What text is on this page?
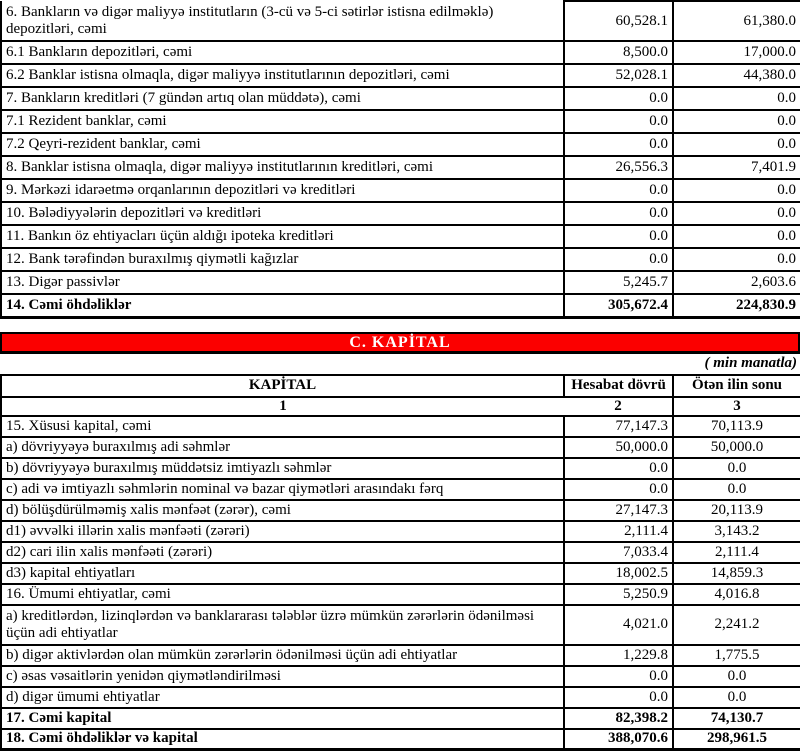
6. Bankların və digər maliyyə institutların (3-cü və 5-ci sətirlər istisna edilməklə) depozitləri, cəmi	60,528.1	61,380.0
6.1 Bankların depozitləri, cəmi	8,500.0	17,000.0
6.2 Banklar istisna olmaqla, digər maliyyə institutlarının depozitləri, cəmi	52,028.1	44,380.0
7. Bankların kreditləri (7 gündən artıq olan müddətə), cəmi	0.0	0.0
7.1 Rezident banklar, cəmi	0.0	0.0
7.2 Qeyri-rezident banklar, cəmi	0.0	0.0
8. Banklar istisna olmaqla, digər maliyyə institutlarının kreditləri, cəmi	26,556.3	7,401.9
9. Mərkəzi idarəetmə orqanlarının depozitləri və kreditləri	0.0	0.0
10. Bələdiyyələrin depozitləri və kreditləri	0.0	0.0
11. Bankın öz ehtiyacları üçün aldığı ipoteka kreditləri	0.0	0.0
12. Bank tərəfindən buraxılmış qiymətli kağızlar	0.0	0.0
13. Digər passivlər	5,245.7	2,603.6
14. Cəmi öhdəliklər	305,672.4	224,830.9
C. KAPİTAL
( min manatla)
KAPİTAL	Hesabat dövrü	Ötən ilin sonu
1	2	3
15. Xüsusi kapital, cəmi	77,147.3	70,113.9
a) dövriyyəyə buraxılmış adi səhmlər	50,000.0	50,000.0
b) dövriyyəyə buraxılmış müddətsiz imtiyazlı səhmlər	0.0	0.0
c) adi və imtiyazlı səhmlərin nominal və bazar qiymətləri arasındakı fərq	0.0	0.0
d) bölüşdürülməmiş xalis mənfəət (zərər), cəmi	27,147.3	20,113.9
d1) əvvəlki illərin xalis mənfəəti (zərəri)	2,111.4	3,143.2
d2) cari ilin xalis mənfəəti (zərəri)	7,033.4	2,111.4
d3) kapital ehtiyatları	18,002.5	14,859.3
16. Ümumi ehtiyatlar, cəmi	5,250.9	4,016.8
a) kreditlərdən, lizinqlərdən və banklararası tələblər üzrə mümkün zərərlərin ödənilməsi üçün adi ehtiyatlar	4,021.0	2,241.2
b) digər aktivlərdən olan mümkün zərərlərin ödənilməsi üçün adi ehtiyatlar	1,229.8	1,775.5
c) əsas vəsaitlərin yenidən qiymətləndirilməsi	0.0	0.0
d) digər ümumi ehtiyatlar	0.0	0.0
17. Cəmi kapital	82,398.2	74,130.7
18. Cəmi öhdəliklər və kapital	388,070.6	298,961.5
